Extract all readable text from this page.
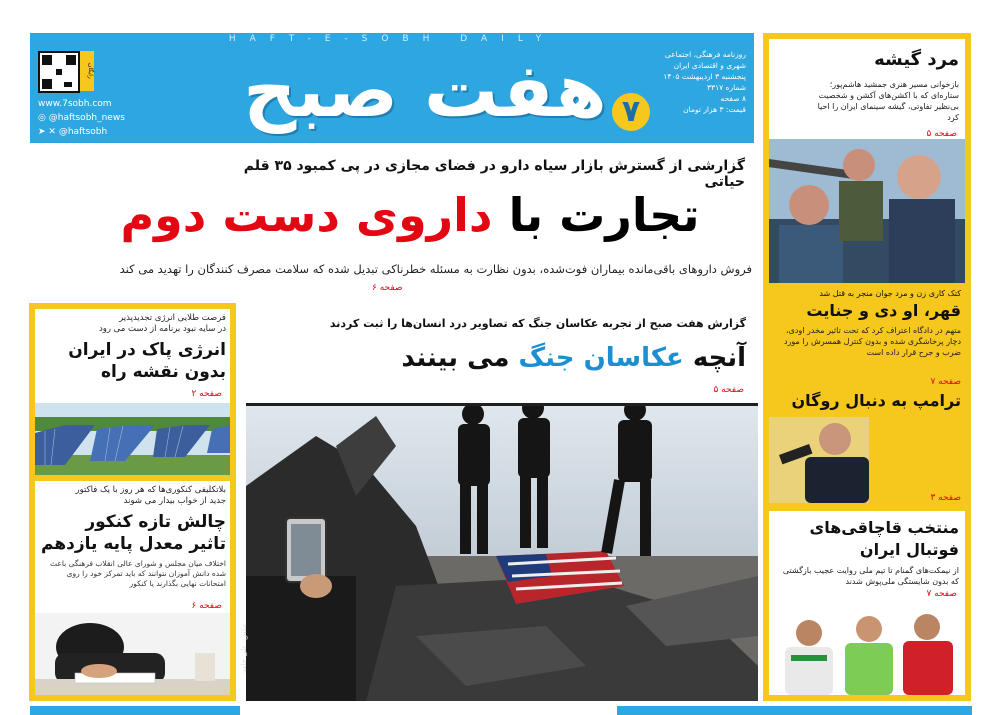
HAFT-E-SOBH DAILY
رایگان
www.7sobh.com
◎ @haftsobh_news
➤ ✕ @haftsobh	هفت صبح ۷
روزنامه فرهنگی، اجتماعی
شهری و اقتصادی ایران
پنجشنبه ۳ اردیبهشت ۱۴۰۵
شماره ۳۳۱۷
۸ صفحه
قیمت: ۳ هزار تومان
گزارشی از گسترش بازار سیاه دارو در فضای مجازی در پی کمبود ۳۵ قلم حیاتی
تجارت با داروی دست دوم
فروش داروهای باقی‌مانده بیماران فوت‌شده، بدون نظارت به مسئله خطرناکی تبدیل شده که سلامت مصرف کنندگان را تهدید می کند
صفحه ۶
فرصت طلایی انرژی تجدیدپذیر
در سایه نبود برنامه از دست می رود
انرژی پاک در ایران
بدون نقشه راه
صفحه ۲
بلاتکلیفی کنکوری‌ها که هر روز با یک فاکتور
جدید از خواب بیدار می شوند
چالش تازه کنکور
تاثیر معدل پایه یازدهم
اختلاف میان مجلس و شورای عالی انقلاب فرهنگی باعث شده دانش آموزان نتوانند که باید تمرکز خود را روی امتحانات نهایی بگذارند یا کنکور
صفحه ۶
گزارش هفت صبح از تجربه عکاسان جنگ که تصاویر درد انسان‌ها را ثبت کردند
آنچه عکاسان جنگ می بینند
صفحه ۵
عکس: علی خامه
مرد گیشه
بازخوانی مسیر هنری جمشید هاشم‌پور؛ ستاره‌ای که با اکشن‌های آکشن و شخصیت بی‌نظیر تفاوتی، گیشه سینمای ایران را احیا کرد
صفحه ۵
کتک کاری زن و مرد جوان منجر به قتل شد
قهر، او دی و جنایت
متهم در دادگاه اعتراف کرد که تحت تاثیر مخدر اودی، دچار پرخاشگری شده و بدون کنترل همسرش را مورد ضرب و جرح قرار داده است
صفحه ۷
ترامپ به دنبال روگان
صفحه ۳
منتخب قاچاقی‌های
فوتبال ایران
از نیمکت‌های گمنام تا تیم ملی روایت عجیب بازگشتی که بدون شایستگی ملی‌پوش شدند
صفحه ۷
